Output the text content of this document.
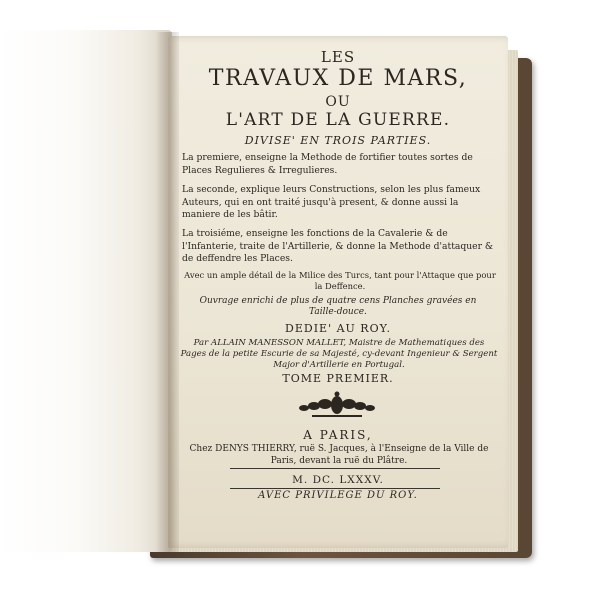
LES
TRAVAUX DE MARS,
OU
L'ART DE LA GUERRE.
DIVISE' EN TROIS PARTIES.
La premiere, enseigne la Methode de fortifier toutes sortes de Places Regulieres & Irregulieres.
La seconde, explique leurs Constructions, selon les plus fameux Auteurs, qui en ont traité jusqu'à present, & donne aussi la maniere de les bâtir.
La troisiéme, enseigne les fonctions de la Cavalerie & de l'Infanterie, traite de l'Artillerie, & donne la Methode d'attaquer & de deffendre les Places.
Avec un ample détail de la Milice des Turcs, tant pour l'Attaque que pour la Deffence.
Ouvrage enrichi de plus de quatre cens Planches gravées en Taille-douce.
DEDIE' AU ROY.
Par ALLAIN MANESSON MALLET, Maistre de Mathematiques des Pages de la petite Escurie de sa Majesté, cy-devant Ingenieur & Sergent Major d'Artillerie en Portugal.
TOME PREMIER.
A PARIS,
Chez DENYS THIERRY, ruë S. Jacques, à l'Enseigne de la Ville de Paris, devant la ruë du Plâtre.
M. DC. LXXXV.
AVEC PRIVILEGE DU ROY.
